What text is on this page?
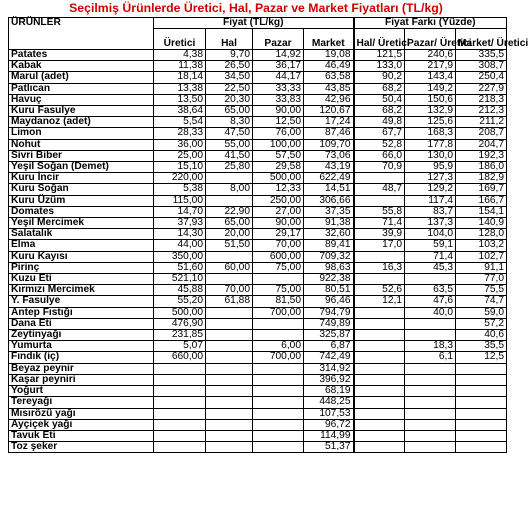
Seçilmiş Ürünlerde Üretici, Hal, Pazar ve Market Fiyatları (TL/kg)
ÜRÜNLER	Fiyat (TL/kg)				Fiyat Farkı (Yüzde)		
	Üretici	Hal	Pazar	Market	Hal/ Üretici	Pazar/ Üretici	Market/ Üretici
Patates	4,38	9,70	14,92	19,08	121,5	240,6	335,5
Kabak	11,38	26,50	36,17	46,49	133,0	217,9	308,7
Marul (adet)	18,14	34,50	44,17	63,58	90,2	143,4	250,4
Patlıcan	13,38	22,50	33,33	43,85	68,2	149,2	227,9
Havuç	13,50	20,30	33,83	42,96	50,4	150,6	218,3
Kuru Fasulye	38,64	65,00	90,00	120,67	68,2	132,9	212,3
Maydanoz (adet)	5,54	8,30	12,50	17,24	49,8	125,6	211,2
Limon	28,33	47,50	76,00	87,46	67,7	168,3	208,7
Nohut	36,00	55,00	100,00	109,70	52,8	177,8	204,7
Sivri Biber	25,00	41,50	57,50	73,06	66,0	130,0	192,3
Yeşil Soğan (Demet)	15,10	25,80	29,58	43,19	70,9	95,9	186,0
Kuru İncir	220,00		500,00	622,49		127,3	182,9
Kuru Soğan	5,38	8,00	12,33	14,51	48,7	129,2	169,7
Kuru Üzüm	115,00		250,00	306,66		117,4	166,7
Domates	14,70	22,90	27,00	37,35	55,8	83,7	154,1
Yeşil Mercimek	37,93	65,00	90,00	91,38	71,4	137,3	140,9
Salatalık	14,30	20,00	29,17	32,60	39,9	104,0	128,0
Elma	44,00	51,50	70,00	89,41	17,0	59,1	103,2
Kuru Kayısı	350,00		600,00	709,32		71,4	102,7
Pirinç	51,60	60,00	75,00	98,63	16,3	45,3	91,1
Kuzu Eti	521,10			922,38			77,0
Kırmızı Mercimek	45,88	70,00	75,00	80,51	52,6	63,5	75,5
Y. Fasulye	55,20	61,88	81,50	96,46	12,1	47,6	74,7
Antep Fıstığı	500,00		700,00	794,79		40,0	59,0
Dana Eti	476,90			749,89			57,2
Zeytinyağı	231,85			325,87			40,6
Yumurta	5,07		6,00	6,87		18,3	35,5
Fındık (iç)	660,00		700,00	742,49		6,1	12,5
Beyaz peynir				314,92			
Kaşar peyniri				396,92			
Yoğurt				68,19			
Tereyağı				448,25			
Mısırözü yağı				107,53			
Ayçiçek yağı				96,72			
Tavuk Eti				114,99			
Toz şeker				51,37			
